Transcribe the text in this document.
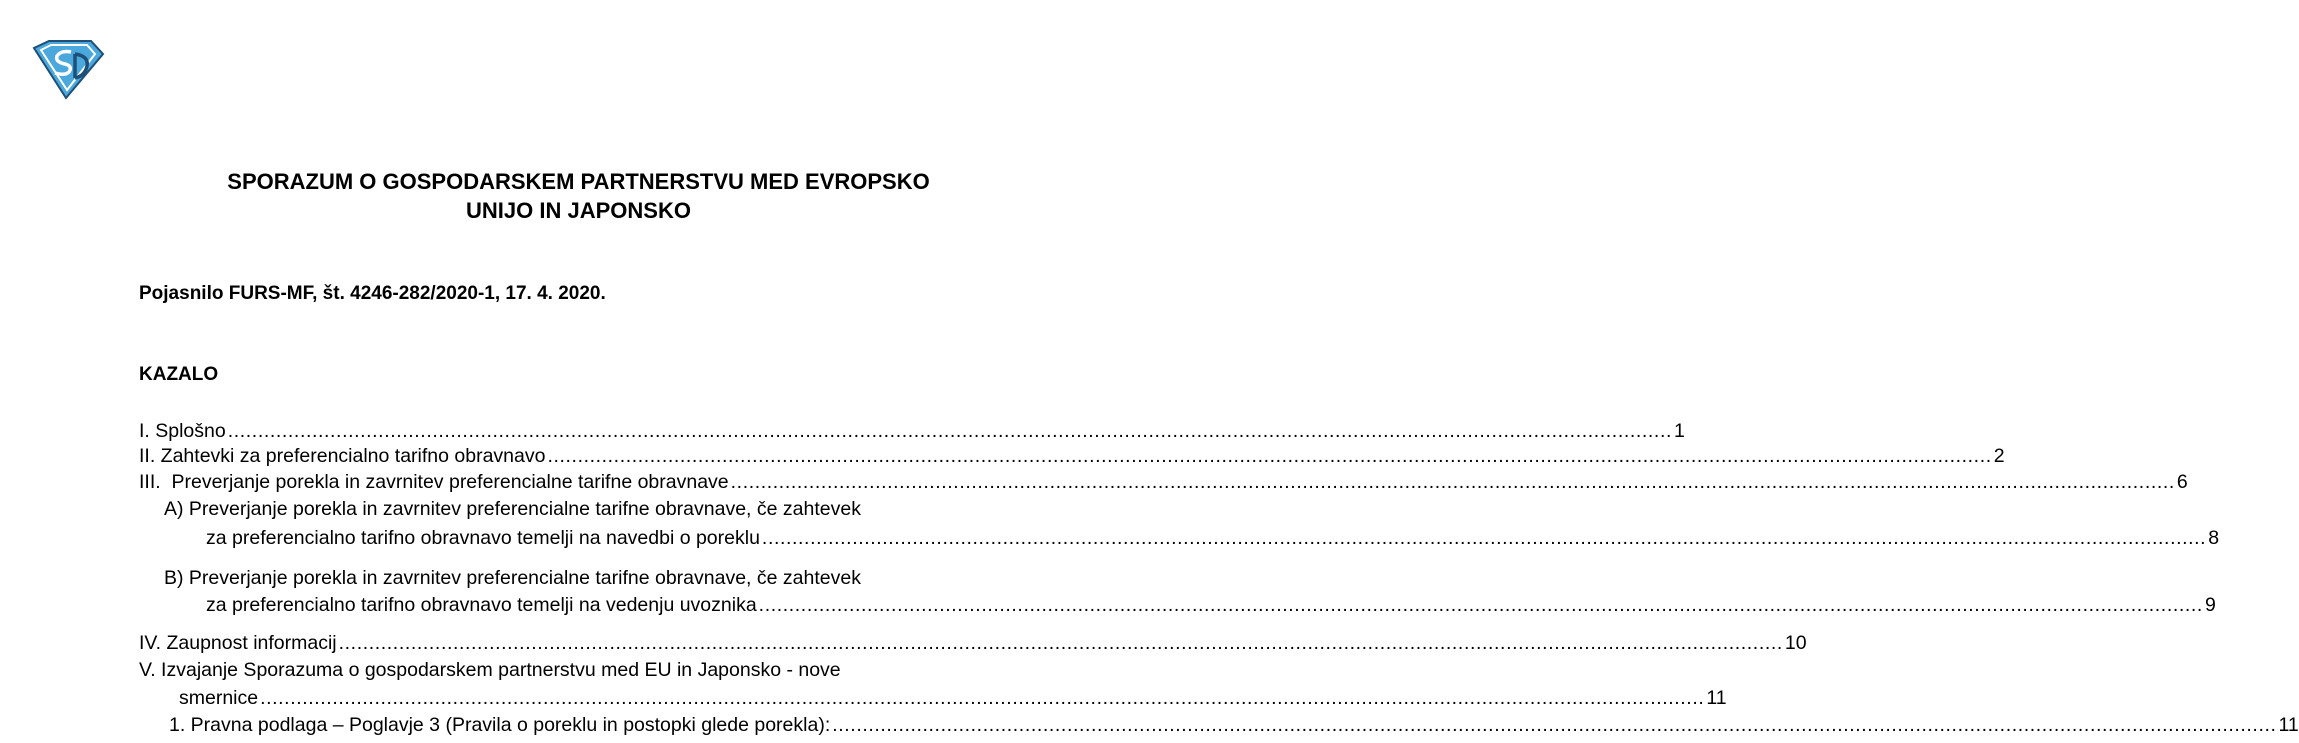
SPORAZUM O GOSPODARSKEM PARTNERSTVU MED EVROPSKO
UNIJO IN JAPONSKO
Pojasnilo FURS-MF, št. 4246-282/2020-1, 17. 4. 2020.
KAZALO
I. Splošno ................................................................................................................................................................................................................................................ 1
II. Zahtevki za preferencialno tarifno obravnavo ................................................................................................................................................................................................................................................ 2
III.  Preverjanje porekla in zavrnitev preferencialne tarifne obravnave ................................................................................................................................................................................................................................................ 6
A) Preverjanje porekla in zavrnitev preferencialne tarifne obravnave, če zahtevek
za preferencialno tarifno obravnavo temelji na navedbi o poreklu ................................................................................................................................................................................................................................................ 8
B) Preverjanje porekla in zavrnitev preferencialne tarifne obravnave, če zahtevek
za preferencialno tarifno obravnavo temelji na vedenju uvoznika ................................................................................................................................................................................................................................................ 9
IV. Zaupnost informacij ................................................................................................................................................................................................................................................ 10
V. Izvajanje Sporazuma o gospodarskem partnerstvu med EU in Japonsko - nove
smernice ................................................................................................................................................................................................................................................ 11
1. Pravna podlaga – Poglavje 3 (Pravila o poreklu in postopki glede porekla): ................................................................................................................................................................................................................................................ 11
